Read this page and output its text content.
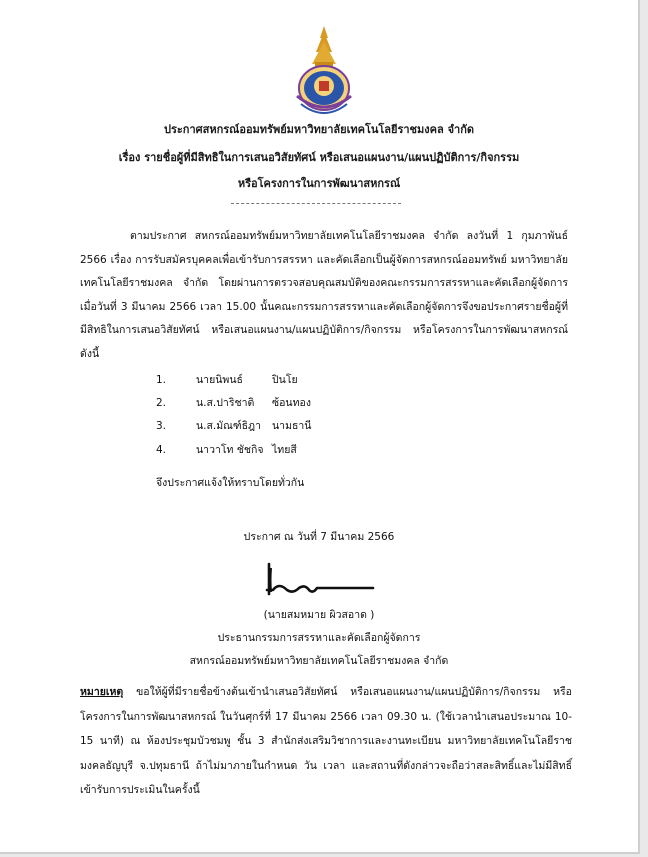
ประกาศสหกรณ์ออมทรัพย์มหาวิทยาลัยเทคโนโลยีราชมงคล จำกัด
เรื่อง รายชื่อผู้ที่มีสิทธิในการเสนอวิสัยทัศน์ หรือเสนอแผนงาน/แผนปฏิบัติการ/กิจกรรม
หรือโครงการในการพัฒนาสหกรณ์
ตามประกาศ สหกรณ์ออมทรัพย์มหาวิทยาลัยเทคโนโลยีราชมงคล จำกัด ลงวันที่ 1 กุมภาพันธ์ 2566 เรื่อง การรับสมัครบุคคลเพื่อเข้ารับการสรรหา และคัดเลือกเป็นผู้จัดการสหกรณ์ออมทรัพย์ มหาวิทยาลัยเทคโนโลยีราชมงคล จำกัด โดยผ่านการตรวจสอบคุณสมบัติของคณะกรรมการสรรหาและคัดเลือกผู้จัดการ เมื่อวันที่ 3 มีนาคม 2566 เวลา 15.00 นั้นคณะกรรมการสรรหาและคัดเลือกผู้จัดการจึงขอประกาศรายชื่อผู้ที่มีสิทธิในการเสนอวิสัยทัศน์ หรือเสนอแผนงาน/แผนปฏิบัติการ/กิจกรรม หรือโครงการในการพัฒนาสหกรณ์ ดังนี้
1.	นายนิพนธ์	ปินโย
2.	น.ส.ปาริชาติ ซ้อนทอง
3.	น.ส.มัณฑ์ธิฎา นามธานี
4.	นาวาโท ชัชกิจ ไทยสี
จึงประกาศแจ้งให้ทราบโดยทั่วกัน
ประกาศ ณ วันที่ 7 มีนาคม 2566
(นายสมหมาย ผิวสอาด )
ประธานกรรมการสรรหาและคัดเลือกผู้จัดการ
สหกรณ์ออมทรัพย์มหาวิทยาลัยเทคโนโลยีราชมงคล จำกัด
หมายเหตุ ขอให้ผู้ที่มีรายชื่อข้างต้นเข้านำเสนอวิสัยทัศน์ หรือเสนอแผนงาน/แผนปฏิบัติการ/กิจกรรม หรือโครงการในการพัฒนาสหกรณ์ ในวันศุกร์ที่ 17 มีนาคม 2566 เวลา 09.30 น. (ใช้เวลานำเสนอประมาณ 10-15 นาที) ณ ห้องประชุมบัวชมพู ชั้น 3 สำนักส่งเสริมวิชาการและงานทะเบียน มหาวิทยาลัยเทคโนโลยีราชมงคลธัญบุรี จ.ปทุมธานี ถ้าไม่มาภายในกำหนด วัน เวลา และสถานที่ดังกล่าวจะถือว่าสละสิทธิ์และไม่มีสิทธิ์เข้ารับการประเมินในครั้งนี้
